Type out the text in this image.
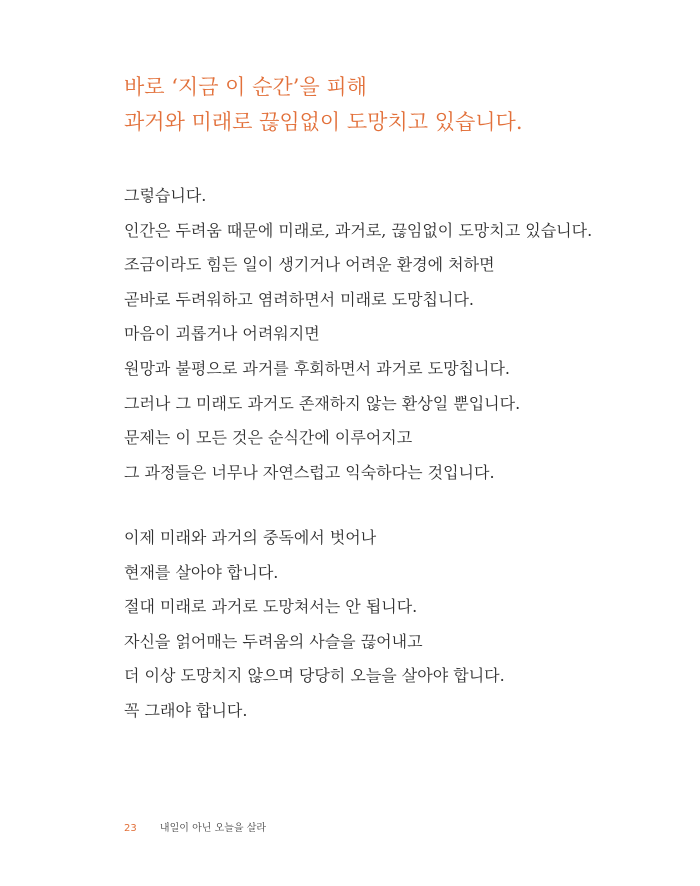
바로 ‘지금 이 순간’을 피해
과거와 미래로 끊임없이 도망치고 있습니다.
그렇습니다.
인간은 두려움 때문에 미래로, 과거로, 끊임없이 도망치고 있습니다.
조금이라도 힘든 일이 생기거나 어려운 환경에 처하면
곧바로 두려워하고 염려하면서 미래로 도망칩니다.
마음이 괴롭거나 어려워지면
원망과 불평으로 과거를 후회하면서 과거로 도망칩니다.
그러나 그 미래도 과거도 존재하지 않는 환상일 뿐입니다.
문제는 이 모든 것은 순식간에 이루어지고
그 과정들은 너무나 자연스럽고 익숙하다는 것입니다.
이제 미래와 과거의 중독에서 벗어나
현재를 살아야 합니다.
절대 미래로 과거로 도망쳐서는 안 됩니다.
자신을 얽어매는 두려움의 사슬을 끊어내고
더 이상 도망치지 않으며 당당히 오늘을 살아야 합니다.
꼭 그래야 합니다.
23 내일이 아닌 오늘을 살라
